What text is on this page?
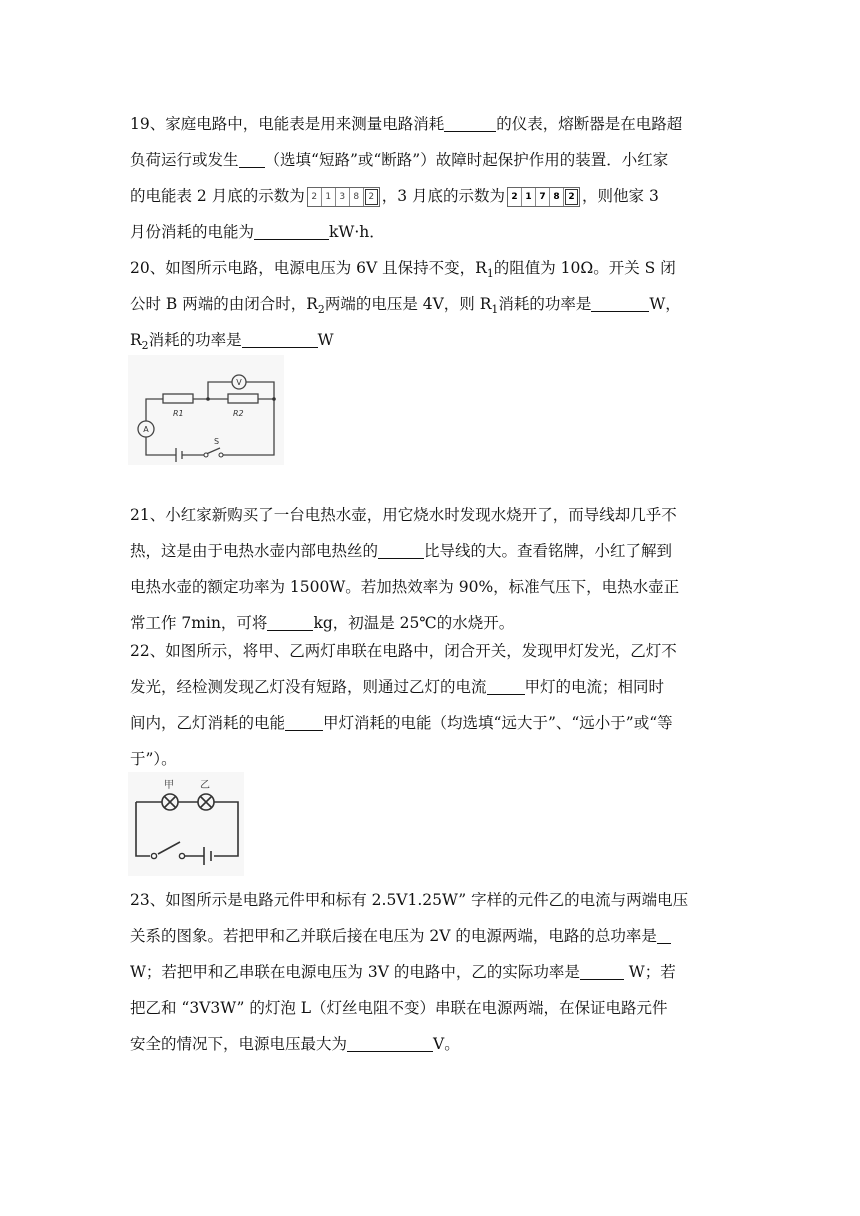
19、家庭电路中，电能表是用来测量电路消耗	的仪表，熔断器是在电路超
负荷运行或发生 （选填“短路”或“断路”）故障时起保护作用的装置．小红家
的电能表 2 月底的示数为 2 1 3 8	2 ，3 月底的示数为 2 1 7 8 2 ，则他家 3
月份消耗的电能为	kW·h．
20、如图所示电路，电源电压为 6V 且保持不变，$R_1$的阻值为 10Ω。开关 S 闭
公时 B 两端的由闭合时，$R_2$两端的电压是 4V，则 $R_1$消耗的功率是	W，
$R_2$消耗的功率是	W
V
A
R1	R2
S
21、小红家新购买了一台电热水壶，用它烧水时发现水烧开了，而导线却几乎不
热，这是由于电热水壶内部电热丝的	比导线的大。查看铭牌，小红了解到
电热水壶的额定功率为 1500W。若加热效率为 90%，标准气压下，电热水壶正
常工作 7min，可将	kg，初温是 25℃的水烧开。
22、如图所示，将甲、乙两灯串联在电路中，闭合开关，发现甲灯发光，乙灯不
发光，经检测发现乙灯没有短路，则通过乙灯的电流 甲灯的电流；相同时
间内，乙灯消耗的电能 甲灯消耗的电能（均选填“远大于”、“远小于”或“等
于”）。
甲	乙
23、如图所示是电路元件甲和标有 2.5V1.25W” 字样的元件乙的电流与两端电压
关系的图象。若把甲和乙并联后接在电压为 2V 的电源两端，电路的总功率是
W；若把甲和乙串联在电源电压为 3V 的电路中，乙的实际功率是	W；若
把乙和 “3V3W” 的灯泡 L（灯丝电阻不变）串联在电源两端，在保证电路元件
安全的情况下，电源电压最大为	V。
